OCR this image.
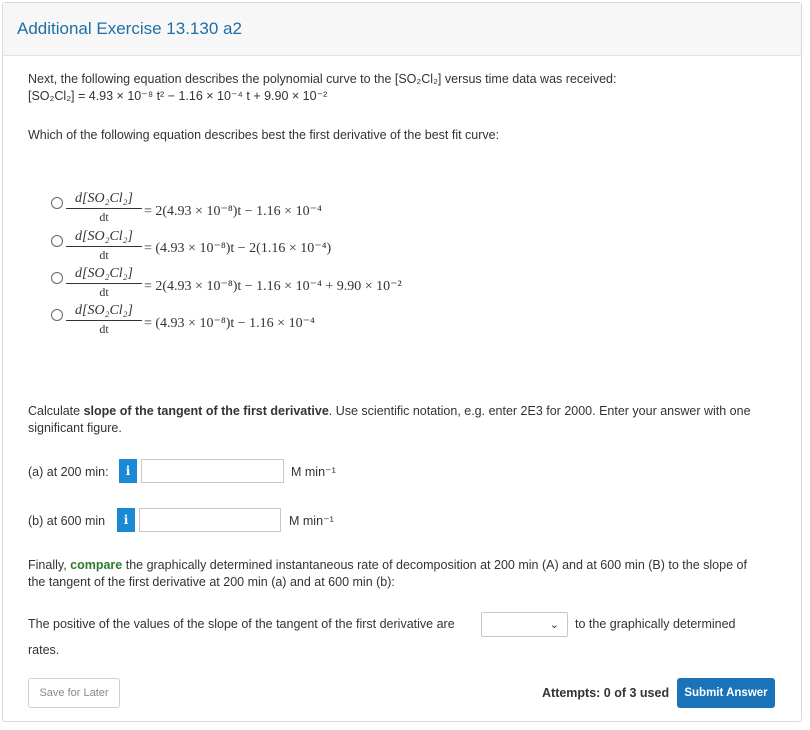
Additional Exercise 13.130 a2
Next, the following equation describes the polynomial curve to the [SO₂Cl₂] versus time data was received:
[SO₂Cl₂] = 4.93 × 10⁻⁸ t² − 1.16 × 10⁻⁴ t + 9.90 × 10⁻²
Which of the following equation describes best the first derivative of the best fit curve:
$\frac{\text{d[SO₂Cl₂]}}{dt} = 2(4.93 \times 10^{-8})t - 1.16 \times 10^{-4}$
$\frac{\text{d[SO₂Cl₂]}}{dt} = (4.93 \times 10^{-8})t - 2(1.16 \times 10^{-4})$
$\frac{\text{d[SO₂Cl₂]}}{dt} = 2(4.93 \times 10^{-8})t - 1.16 \times 10^{-4} + 9.90 \times 10^{-2}$
$\frac{\text{d[SO₂Cl₂]}}{dt} = (4.93 \times 10^{-8})t - 1.16 \times 10^{-4}$
Calculate slope of the tangent of the first derivative. Use scientific notation, e.g. enter 2E3 for 2000. Enter your answer with one
significant figure.
(a) at 200 min:	i	M min⁻¹
(b) at 600 min	i	M min⁻¹
Finally, compare the graphically determined instantaneous rate of decomposition at 200 min (A) and at 600 min (B) to the slope of
the tangent of the first derivative at 200 min (a) and at 600 min (b):
The positive of the values of the slope of the tangent of the first derivative are	⌄ to the graphically determined
rates.
Save for Later	Attempts: 0 of 3 used	Submit Answer
